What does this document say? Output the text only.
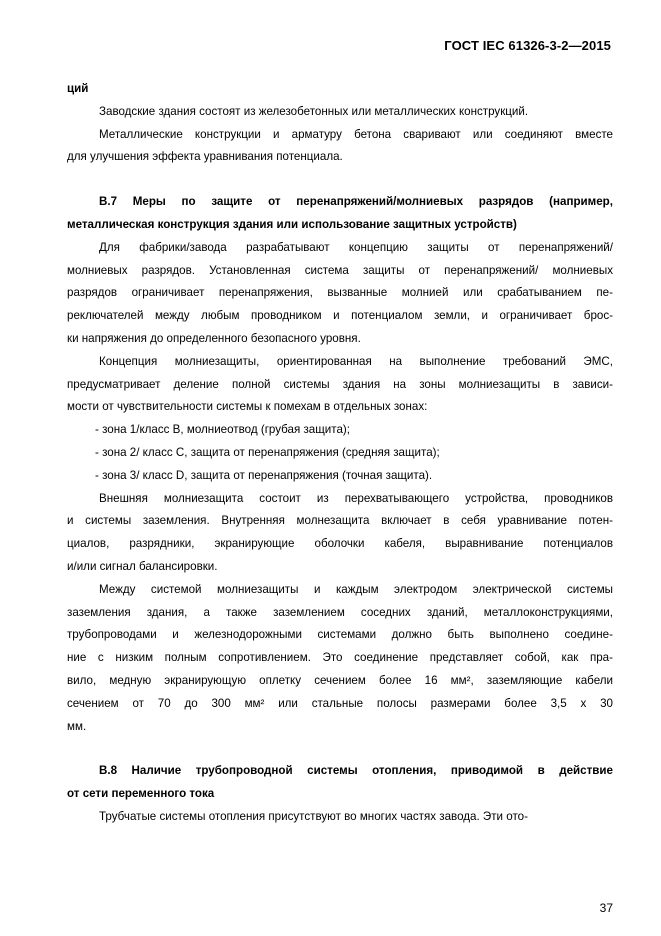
ГОСТ IEC 61326-3-2—2015
ций
Заводские здания состоят из железобетонных или металлических конструкций.
Металлические конструкции и арматуру бетона сваривают или соединяют вместе
для улучшения эффекта уравнивания потенциала.
В.7 Меры по защите от перенапряжений/молниевых разрядов (например,
металлическая конструкция здания или использование защитных устройств)
Для фабрики/завода разрабатывают концепцию защиты от перенапряжений/
молниевых разрядов. Установленная система защиты от перенапряжений/ молниевых
разрядов ограничивает перенапряжения, вызванные молнией или срабатыванием пе-
реключателей между любым проводником и потенциалом земли, и ограничивает брос-
ки напряжения до определенного безопасного уровня.
Концепция молниезащиты, ориентированная на выполнение требований ЭМС,
предусматривает деление полной системы здания на зоны молниезащиты в зависи-
мости от чувствительности системы к помехам в отдельных зонах:
- зона 1/класс В, молниеотвод (грубая защита);
- зона 2/ класс С, защита от перенапряжения (средняя защита);
- зона 3/ класс D, защита от перенапряжения (точная защита).
Внешняя молниезащита состоит из перехватывающего устройства, проводников
и системы заземления. Внутренняя молнезащита включает в себя уравнивание потен-
циалов, разрядники, экранирующие оболочки кабеля, выравнивание потенциалов
и/или сигнал балансировки.
Между системой молниезащиты и каждым электродом электрической системы
заземления здания, а также заземлением соседних зданий, металлоконструкциями,
трубопроводами и железнодорожными системами должно быть выполнено соедине-
ние с низким полным сопротивлением. Это соединение представляет собой, как пра-
вило, медную экранирующую оплетку сечением более 16 мм², заземляющие кабели
сечением от 70 до 300 мм² или стальные полосы размерами более 3,5 х 30
мм.
В.8 Наличие трубопроводной системы отопления, приводимой в действие
от сети переменного тока
Трубчатые системы отопления присутствуют во многих частях завода. Эти ото-
37
